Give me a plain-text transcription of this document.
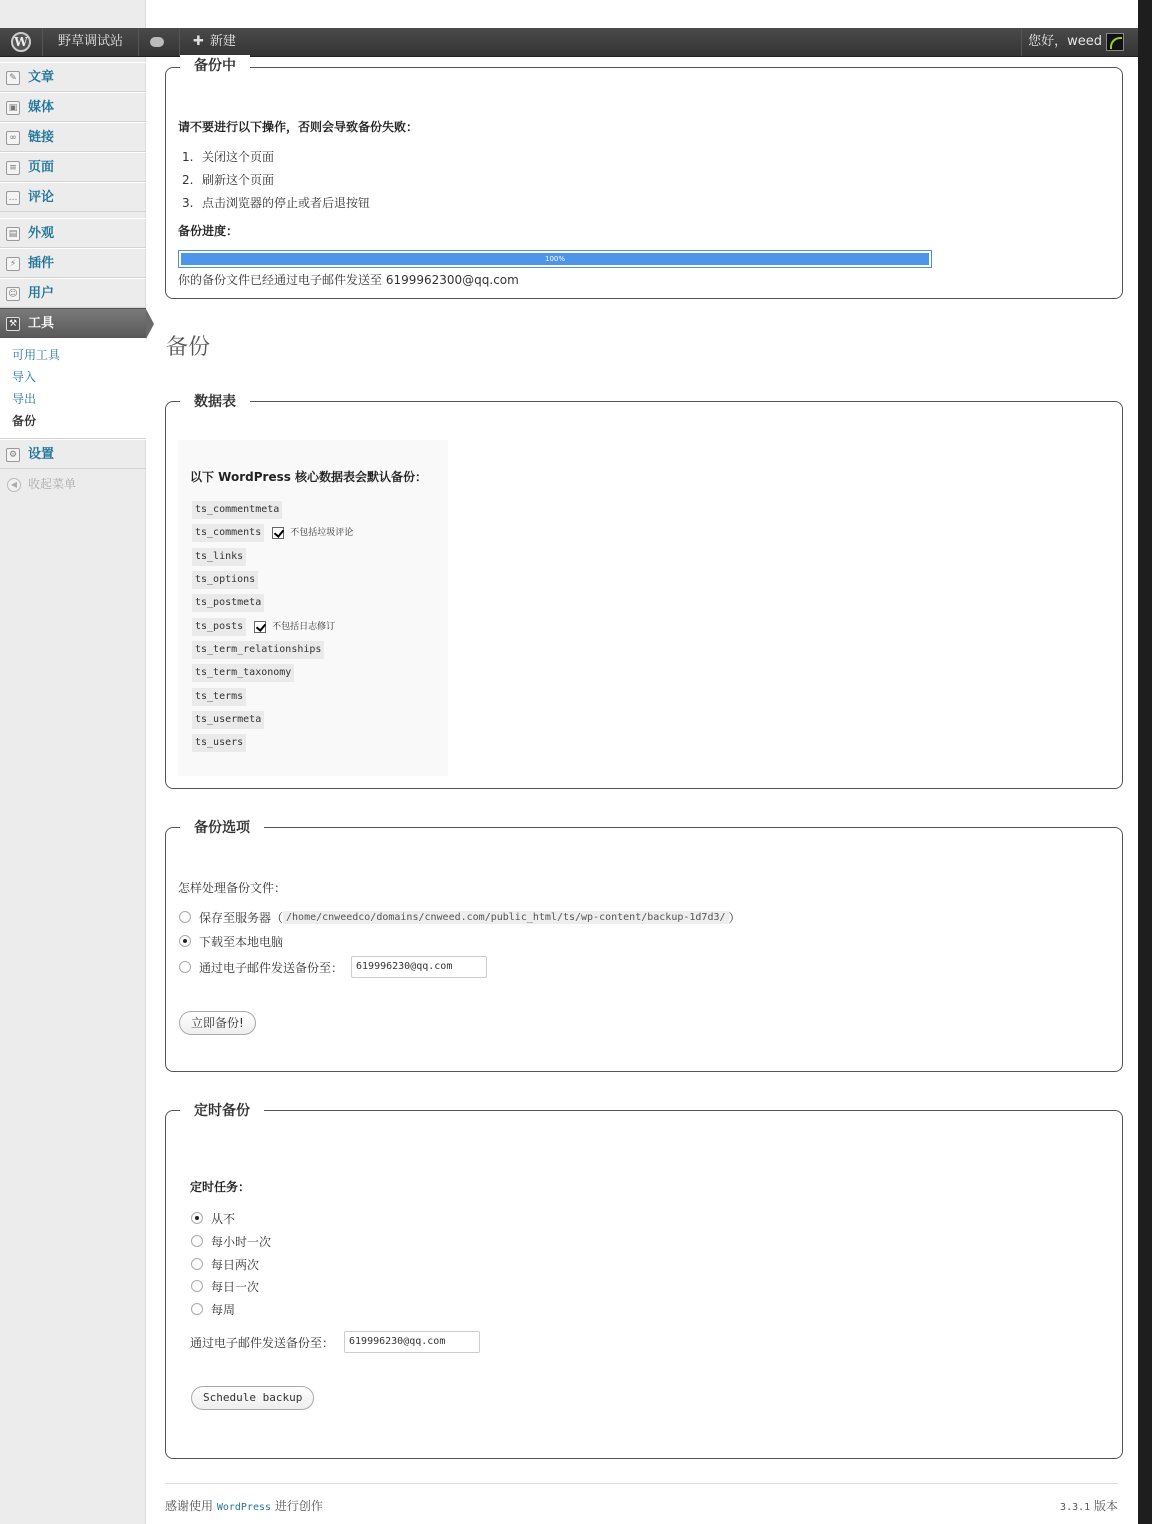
W 野草调试站	✚ 新建	您好，weed
✎ 文章
▣ 媒体
∞ 链接
≡ 页面
… 评论
▤ 外观
⚡ 插件
☺ 用户
⚒ 工具
可用工具
导入
导出
备份
⚙ 设置
◀ 收起菜单
备份中
请不要进行以下操作，否则会导致备份失败：
1. 关闭这个页面
2. 刷新这个页面
3. 点击浏览器的停止或者后退按钮
备份进度：
100%
你的备份文件已经通过电子邮件发送至 6199962300@qq.com
备份
数据表
以下 WordPress 核心数据表会默认备份：
ts_commentmeta
ts_comments	不包括垃圾评论
ts_links
ts_options
ts_postmeta
ts_posts	不包括日志修订
ts_term_relationships
ts_term_taxonomy
ts_terms
ts_usermeta
ts_users
备份选项
怎样处理备份文件：
保存至服务器（ /home/cnweedco/domains/cnweed.com/public_html/ts/wp-content/backup-1d7d3/ ）
下载至本地电脑
通过电子邮件发送备份至：	619996230@qq.com
立即备份!
定时备份
定时任务：
从不
每小时一次
每日两次
每日一次
每周
通过电子邮件发送备份至：	619996230@qq.com
Schedule backup
感谢使用 WordPress 进行创作	3.3.1 版本
